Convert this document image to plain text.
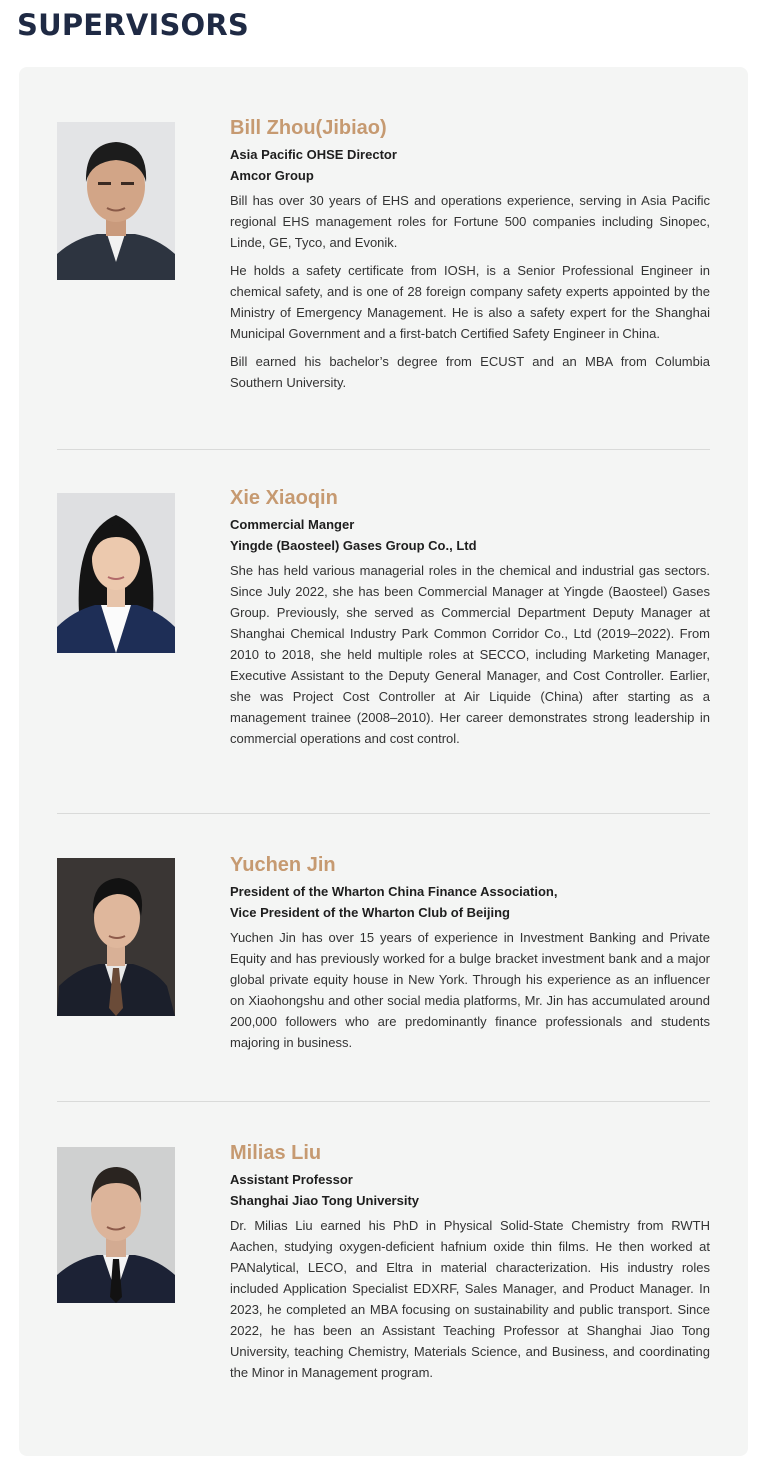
SUPERVISORS
Bill Zhou(Jibiao)

Asia Pacific OHSE Director

Amcor Group

Bill has over 30 years of EHS and operations experience, serving in Asia Pacific regional EHS management roles for Fortune 500 companies including Sinopec, Linde, GE, Tyco, and Evonik.

He holds a safety certificate from IOSH, is a Senior Professional Engineer in chemical safety, and is one of 28 foreign company safety experts appointed by the Ministry of Emergency Management. He is also a safety expert for the Shanghai Municipal Government and a first-batch Certified Safety Engineer in China.

Bill earned his bachelor’s degree from ECUST and an MBA from Columbia Southern University.

Xie Xiaoqin

Commercial Manger

Yingde (Baosteel) Gases Group Co., Ltd

She has held various managerial roles in the chemical and industrial gas sectors. Since July 2022, she has been Commercial Manager at Yingde (Baosteel) Gases Group. Previously, she served as Commercial Department Deputy Manager at Shanghai Chemical Industry Park Common Corridor Co., Ltd (2019–2022). From 2010 to 2018, she held multiple roles at SECCO, including Marketing Manager, Executive Assistant to the Deputy General Manager, and Cost Controller. Earlier, she was Project Cost Controller at Air Liquide (China) after starting as a management trainee (2008–2010). Her career demonstrates strong leadership in commercial operations and cost control.

Yuchen Jin

President of the Wharton China Finance Association,

Vice President of the Wharton Club of Beijing

Yuchen Jin has over 15 years of experience in Investment Banking and Private Equity and has previously worked for a bulge bracket investment bank and a major global private equity house in New York. Through his experience as an influencer on Xiaohongshu and other social media platforms, Mr. Jin has accumulated around 200,000 followers who are predominantly finance professionals and students majoring in business.

Milias Liu

Assistant Professor

Shanghai Jiao Tong University

Dr. Milias Liu earned his PhD in Physical Solid-State Chemistry from RWTH Aachen, studying oxygen-deficient hafnium oxide thin films. He then worked at PANalytical, LECO, and Eltra in material characterization. His industry roles included Application Specialist EDXRF, Sales Manager, and Product Manager. In 2023, he completed an MBA focusing on sustainability and public transport. Since 2022, he has been an Assistant Teaching Professor at Shanghai Jiao Tong University, teaching Chemistry, Materials Science, and Business, and coordinating the Minor in Management program.
